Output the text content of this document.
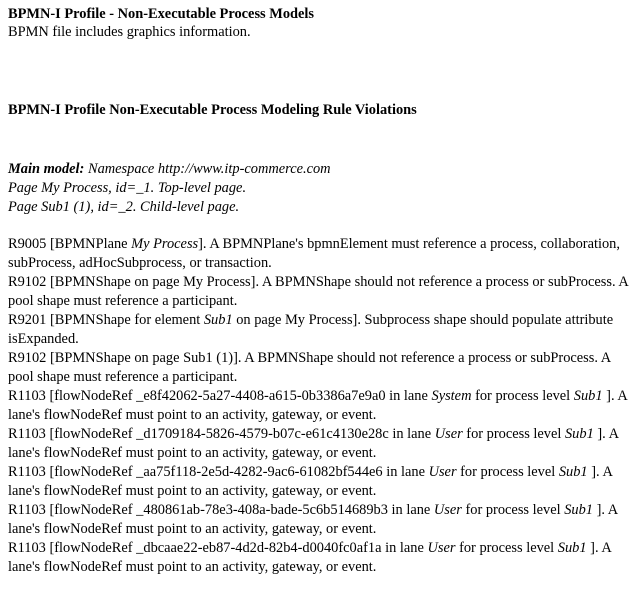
BPMN-I Profile - Non-Executable Process Models
BPMN file includes graphics information.
BPMN-I Profile Non-Executable Process Modeling Rule Violations
Main model: Namespace http://www.itp-commerce.com
Page My Process, id=_1. Top-level page.
Page Sub1 (1), id=_2. Child-level page.
R9005 [BPMNPlane My Process]. A BPMNPlane's bpmnElement must reference a process, collaboration, subProcess, adHocSubprocess, or transaction.
R9102 [BPMNShape on page My Process]. A BPMNShape should not reference a process or subProcess. A pool shape must reference a participant.
R9201 [BPMNShape for element Sub1 on page My Process]. Subprocess shape should populate attribute isExpanded.
R9102 [BPMNShape on page Sub1 (1)]. A BPMNShape should not reference a process or subProcess. A pool shape must reference a participant.
R1103 [flowNodeRef _e8f42062-5a27-4408-a615-0b3386a7e9a0 in lane System for process level Sub1 ]. A lane's flowNodeRef must point to an activity, gateway, or event.
R1103 [flowNodeRef _d1709184-5826-4579-b07c-e61c4130e28c in lane User for process level Sub1 ]. A lane's flowNodeRef must point to an activity, gateway, or event.
R1103 [flowNodeRef _aa75f118-2e5d-4282-9ac6-61082bf544e6 in lane User for process level Sub1 ]. A lane's flowNodeRef must point to an activity, gateway, or event.
R1103 [flowNodeRef _480861ab-78e3-408a-bade-5c6b514689b3 in lane User for process level Sub1 ]. A lane's flowNodeRef must point to an activity, gateway, or event.
R1103 [flowNodeRef _dbcaae22-eb87-4d2d-82b4-d0040fc0af1a in lane User for process level Sub1 ]. A lane's flowNodeRef must point to an activity, gateway, or event.
